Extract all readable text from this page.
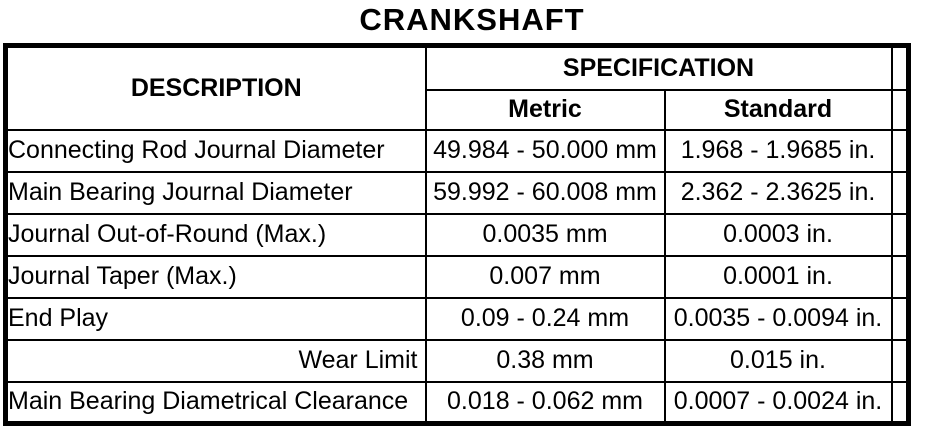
CRANKSHAFT
DESCRIPTION	SPECIFICATION		
	Metric	Standard	
Connecting Rod Journal Diameter	49.984 - 50.000 mm	1.968 - 1.9685 in.	
Main Bearing Journal Diameter	59.992 - 60.008 mm	2.362 - 2.3625 in.	
Journal Out-of-Round (Max.)	0.0035 mm	0.0003 in.	
Journal Taper (Max.)	0.007 mm	0.0001 in.	
End Play	0.09 - 0.24 mm	0.0035 - 0.0094 in.	
Wear Limit	0.38 mm	0.015 in.	
Main Bearing Diametrical Clearance	0.018 - 0.062 mm	0.0007 - 0.0024 in.	
